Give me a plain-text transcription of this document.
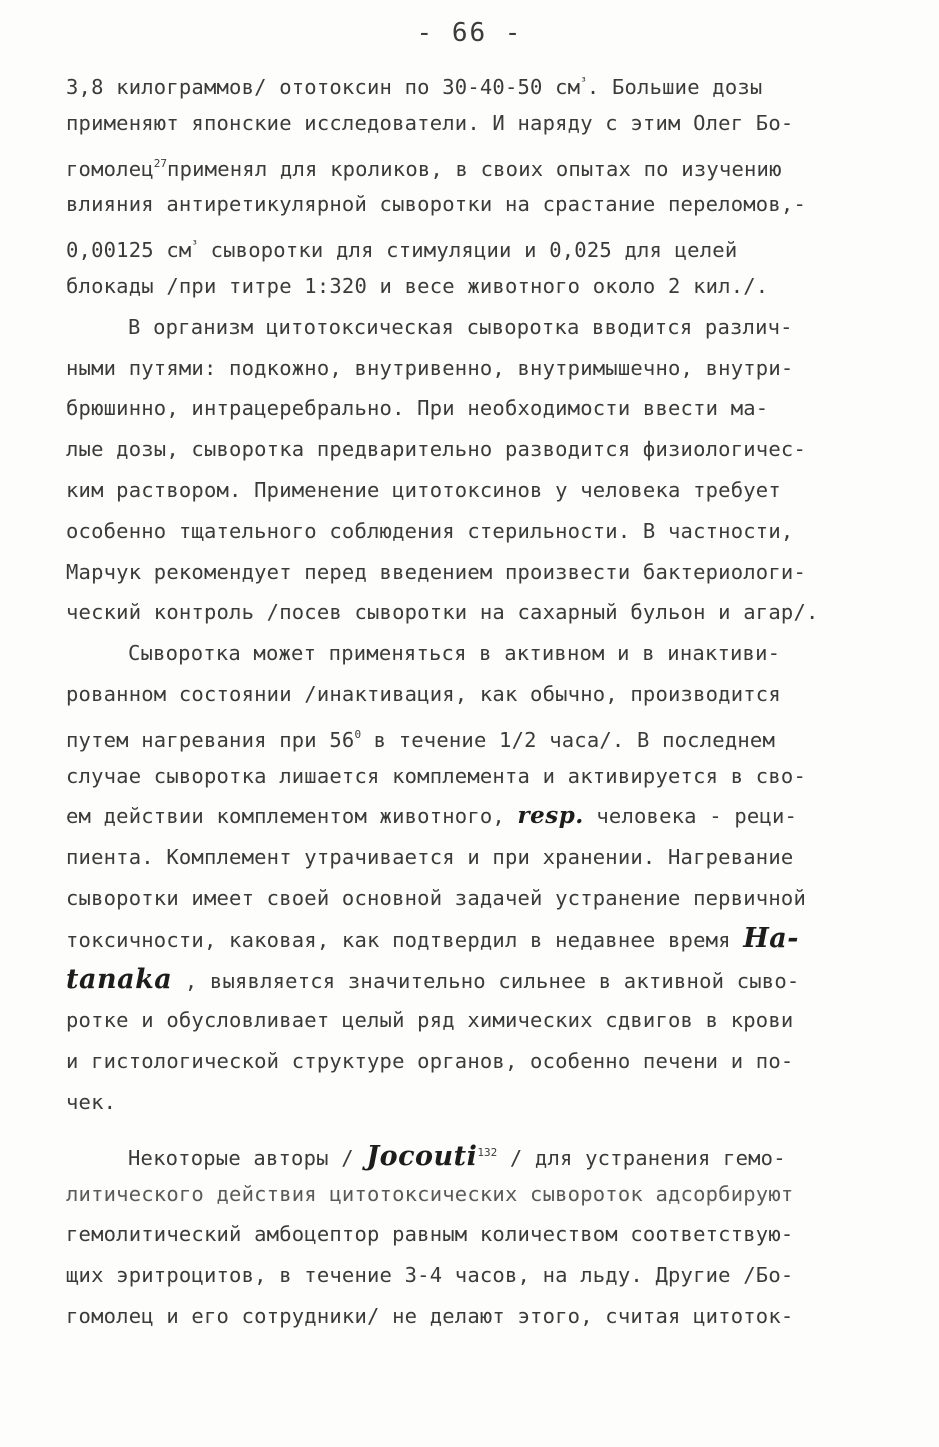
- 66 -
3,8 килограммов/ ототоксин по 30-40-50 $см^{^3}$. Большие дозы
применяют японские исследователи. И наряду с этим Олег Бо-
гомолец$^{27}$применял для кроликов, в своих опытах по изучению
влияния антиретикулярной сыворотки на срастание переломов,-
0,00125 $см^{^3}$ сыворотки для стимуляции и 0,025 для целей
блокады /при титре 1:320 и весе животного около 2 кил./.
В организм цитотоксическая сыворотка вводится различ-
ными путями: подкожно, внутривенно, внутримышечно, внутри-
брюшинно, интрацеребрально. При необходимости ввести ма-
лые дозы, сыворотка предварительно разводится физиологичес-
ким раствором. Применение цитотоксинов у человека требует
особенно тщательного соблюдения стерильности. В частности,
Марчук рекомендует перед введением произвести бактериологи-
ческий контроль /посев сыворотки на сахарный бульон и агар/.
Сыворотка может применяться в активном и в инактиви-
рованном состоянии /инактивация, как обычно, производится
путем нагревания при $56^0$ в течение 1/2 часа/. В последнем
случае сыворотка лишается комплемента и активируется в сво-
ем действии комплементом животного, resp. человека - реци-
пиента. Комплемент утрачивается и при хранении. Нагревание
сыворотки имеет своей основной задачей устранение первичной
токсичности, каковая, как подтвердил в недавнее время Ha-
tanaka , выявляется значительно сильнее в активной сыво-
ротке и обусловливает целый ряд химических сдвигов в крови
и гистологической структуре органов, особенно печени и по-
чек.
Некоторые авторы / Jocouti$^{132}$ / для устранения гемо-
литического действия цитотоксических сывороток адсорбируют
гемолитический амбоцептор равным количеством соответствую-
щих эритроцитов, в течение 3-4 часов, на льду. Другие /Бо-
гомолец и его сотрудники/ не делают этого, считая цитоток-
